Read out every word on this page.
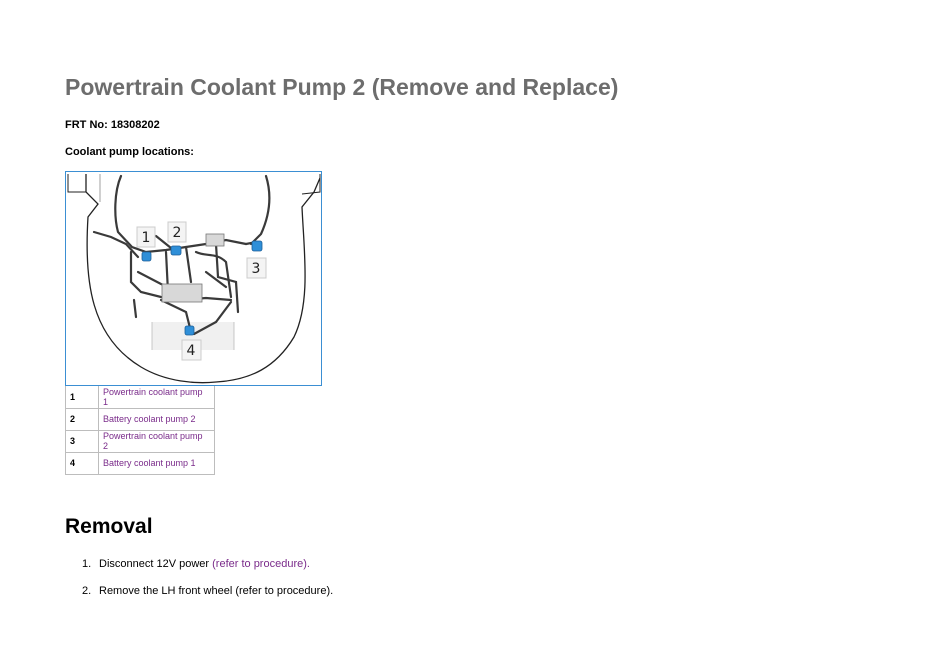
Powertrain Coolant Pump 2 (Remove and Replace)

FRT No: 18308202

Coolant pump locations:

1 2
3
4
1	Powertrain coolant pump 1
2	Battery coolant pump 2
3	Powertrain coolant pump 2
4	Battery coolant pump 1
Removal
1. Disconnect 12V power (refer to procedure).
2. Remove the LH front wheel (refer to procedure).
